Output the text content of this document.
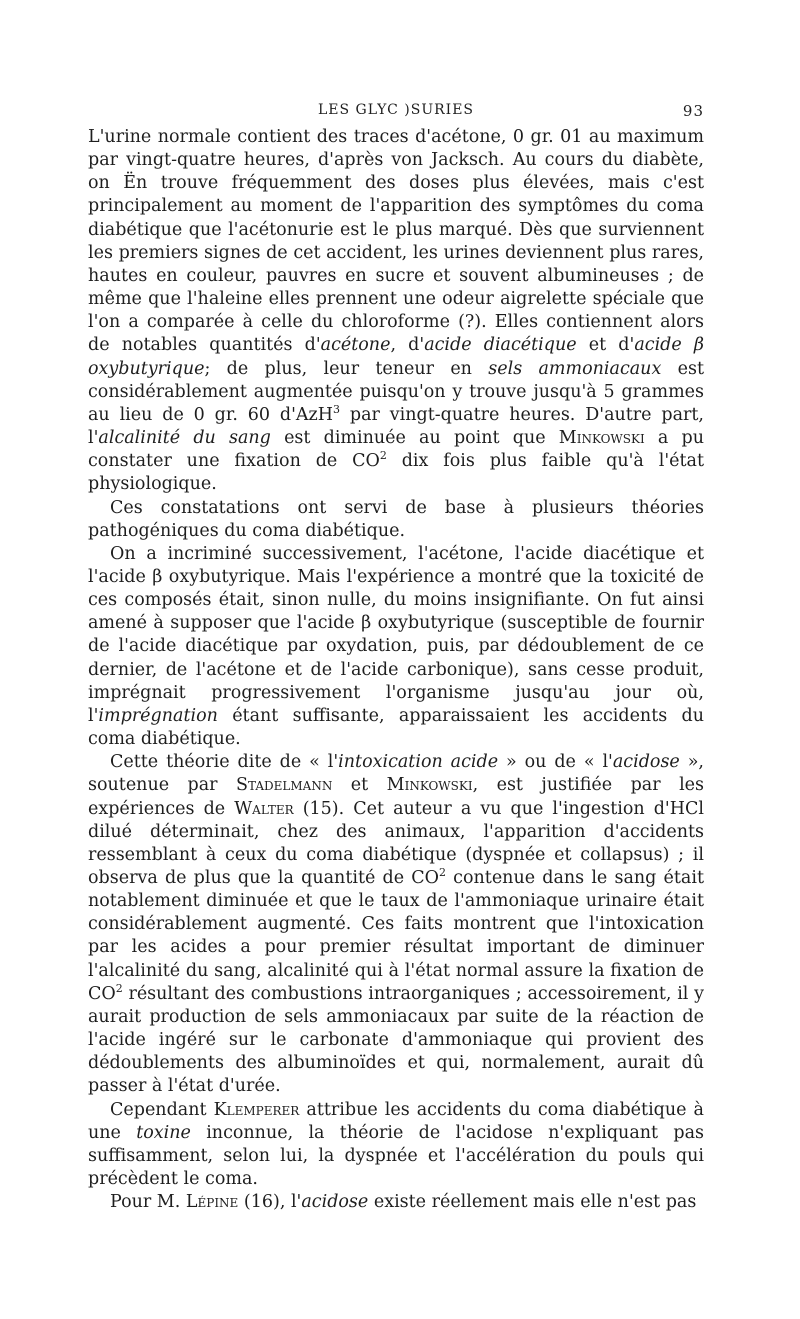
LES GLYC )SURIES	93

L'urine normale contient des traces d'acétone, 0 gr. 01 au maximum par vingt-quatre heures, d'après von Jacksch. Au cours du diabète, on Ën trouve fréquemment des doses plus élevées, mais c'est principalement au moment de l'apparition des symptômes du coma diabétique que l'acétonurie est le plus marqué. Dès que surviennent les premiers signes de cet accident, les urines deviennent plus rares, hautes en couleur, pauvres en sucre et souvent albumineuses ; de même que l'haleine elles prennent une odeur aigrelette spéciale que l'on a comparée à celle du chloroforme (?). Elles contiennent alors de notables quantités d'acétone, d'acide diacétique et d'acide β oxybutyrique; de plus, leur teneur en sels ammoniacaux est considérablement augmentée puisqu'on y trouve jusqu'à 5 grammes au lieu de 0 gr. 60 d'AzH$^3$ par vingt-quatre heures. D'autre part, l'alcalinité du sang est diminuée au point que Minkowski a pu constater une fixation de $CO^2$ dix fois plus faible qu'à l'état physiologique.

Ces constatations ont servi de base à plusieurs théories pathogéniques du coma diabétique.

On a incriminé successivement, l'acétone, l'acide diacétique et l'acide β oxybutyrique. Mais l'expérience a montré que la toxicité de ces composés était, sinon nulle, du moins insignifiante. On fut ainsi amené à supposer que l'acide β oxybutyrique (susceptible de fournir de l'acide diacétique par oxydation, puis, par dédoublement de ce dernier, de l'acétone et de l'acide carbonique), sans cesse produit, imprégnait progressivement l'organisme jusqu'au jour où, l'imprégnation étant suffisante, apparaissaient les accidents du coma diabétique.

Cette théorie dite de « l'intoxication acide » ou de « l'acidose », soutenue par Stadelmann et Minkowski, est justifiée par les expériences de Walter (15). Cet auteur a vu que l'ingestion d'HCl dilué déterminait, chez des animaux, l'apparition d'accidents ressemblant à ceux du coma diabétique (dyspnée et collapsus) ; il observa de plus que la quantité de $CO^2$ contenue dans le sang était notablement diminuée et que le taux de l'ammoniaque urinaire était considérablement augmenté. Ces faits montrent que l'intoxication par les acides a pour premier résultat important de diminuer l'alcalinité du sang, alcalinité qui à l'état normal assure la fixation de $CO^2$ résultant des combustions intraorganiques ; accessoirement, il y aurait production de sels ammoniacaux par suite de la réaction de l'acide ingéré sur le carbonate d'ammoniaque qui provient des dédoublements des albuminoïdes et qui, normalement, aurait dû passer à l'état d'urée.

Cependant Klemperer attribue les accidents du coma diabétique à une toxine inconnue, la théorie de l'acidose n'expliquant pas suffisamment, selon lui, la dyspnée et l'accélération du pouls qui précèdent le coma.

Pour M. Lépine (16), l'acidose existe réellement mais elle n'est pas
